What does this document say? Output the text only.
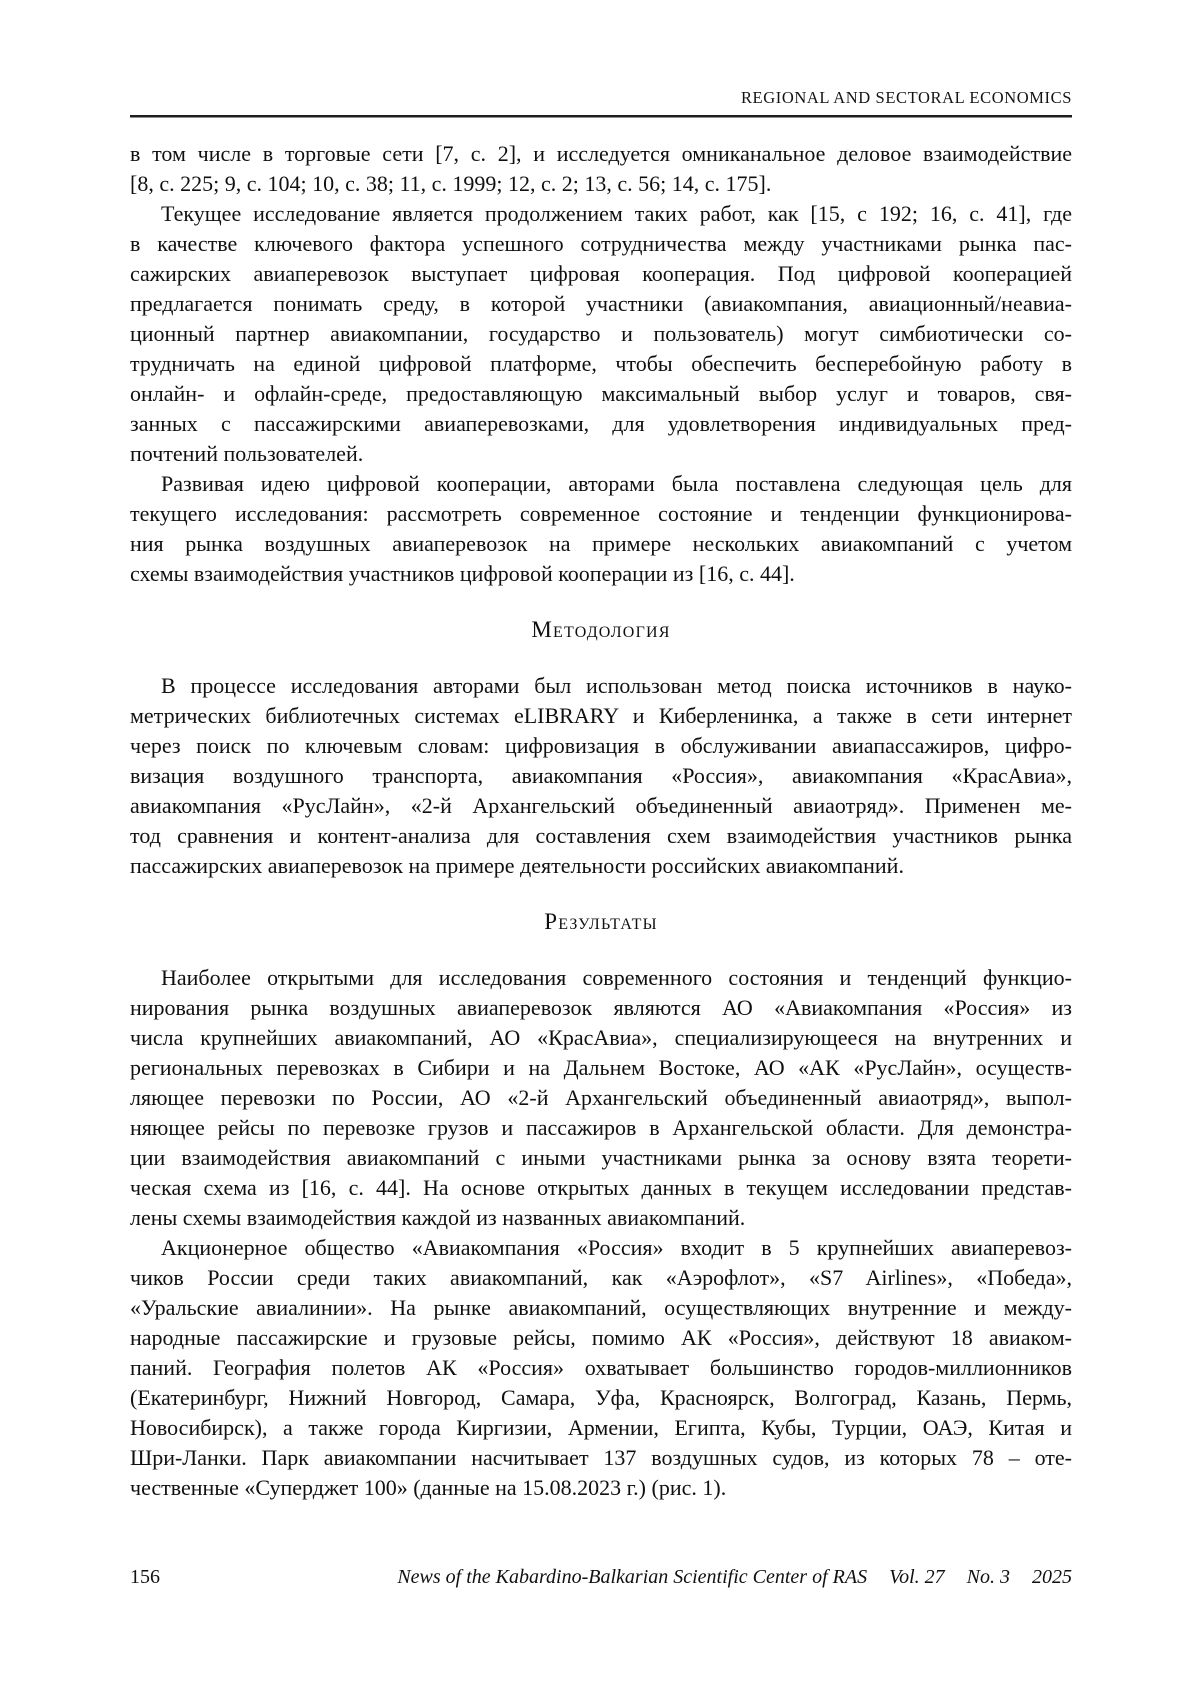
REGIONAL AND SECTORAL ECONOMICS
в том числе в торговые сети [7, с. 2], и исследуется омниканальное деловое взаимодействие
[8, с. 225; 9, с. 104; 10, с. 38; 11, с. 1999; 12, с. 2; 13, с. 56; 14, с. 175].
Текущее исследование является продолжением таких работ, как [15, с 192; 16, с. 41], где
в качестве ключевого фактора успешного сотрудничества между участниками рынка пас-
сажирских авиаперевозок выступает цифровая кооперация. Под цифровой кооперацией
предлагается понимать среду, в которой участники (авиакомпания, авиационный/неавиа-
ционный партнер авиакомпании, государство и пользователь) могут симбиотически со-
трудничать на единой цифровой платформе, чтобы обеспечить бесперебойную работу в
онлайн- и офлайн-среде, предоставляющую максимальный выбор услуг и товаров, свя-
занных с пассажирскими авиаперевозками, для удовлетворения индивидуальных пред-
почтений пользователей.
Развивая идею цифровой кооперации, авторами была поставлена следующая цель для
текущего исследования: рассмотреть современное состояние и тенденции функционирова-
ния рынка воздушных авиаперевозок на примере нескольких авиакомпаний с учетом
схемы взаимодействия участников цифровой кооперации из [16, с. 44].
Методология
В процессе исследования авторами был использован метод поиска источников в науко-
метрических библиотечных системах eLIBRARY и Киберленинка, а также в сети интернет
через поиск по ключевым словам: цифровизация в обслуживании авиапассажиров, цифро-
визация воздушного транспорта, авиакомпания «Россия», авиакомпания «КрасАвиа»,
авиакомпания «РусЛайн», «2-й Архангельский объединенный авиаотряд». Применен ме-
тод сравнения и контент-анализа для составления схем взаимодействия участников рынка
пассажирских авиаперевозок на примере деятельности российских авиакомпаний.
Результаты
Наиболее открытыми для исследования современного состояния и тенденций функцио-
нирования рынка воздушных авиаперевозок являются АО «Авиакомпания «Россия» из
числа крупнейших авиакомпаний, АО «КрасАвиа», специализирующееся на внутренних и
региональных перевозках в Сибири и на Дальнем Востоке, АО «АК «РусЛайн», осуществ-
ляющее перевозки по России, АО «2-й Архангельский объединенный авиаотряд», выпол-
няющее рейсы по перевозке грузов и пассажиров в Архангельской области. Для демонстра-
ции взаимодействия авиакомпаний с иными участниками рынка за основу взята теорети-
ческая схема из [16, с. 44]. На основе открытых данных в текущем исследовании представ-
лены схемы взаимодействия каждой из названных авиакомпаний.
Акционерное общество «Авиакомпания «Россия» входит в 5 крупнейших авиаперевоз-
чиков России среди таких авиакомпаний, как «Аэрофлот», «S7 Airlines», «Победа»,
«Уральские авиалинии». На рынке авиакомпаний, осуществляющих внутренние и между-
народные пассажирские и грузовые рейсы, помимо АК «Россия», действуют 18 авиаком-
паний. География полетов АК «Россия» охватывает большинство городов-миллионников
(Екатеринбург, Нижний Новгород, Самара, Уфа, Красноярск, Волгоград, Казань, Пермь,
Новосибирск), а также города Киргизии, Армении, Египта, Кубы, Турции, ОАЭ, Китая и
Шри-Ланки. Парк авиакомпании насчитывает 137 воздушных судов, из которых 78 – оте-
чественные «Суперджет 100» (данные на 15.08.2023 г.) (рис. 1).
156	News of the Kabardino-Balkarian Scientific Center of RAS Vol. 27 No. 3 2025
